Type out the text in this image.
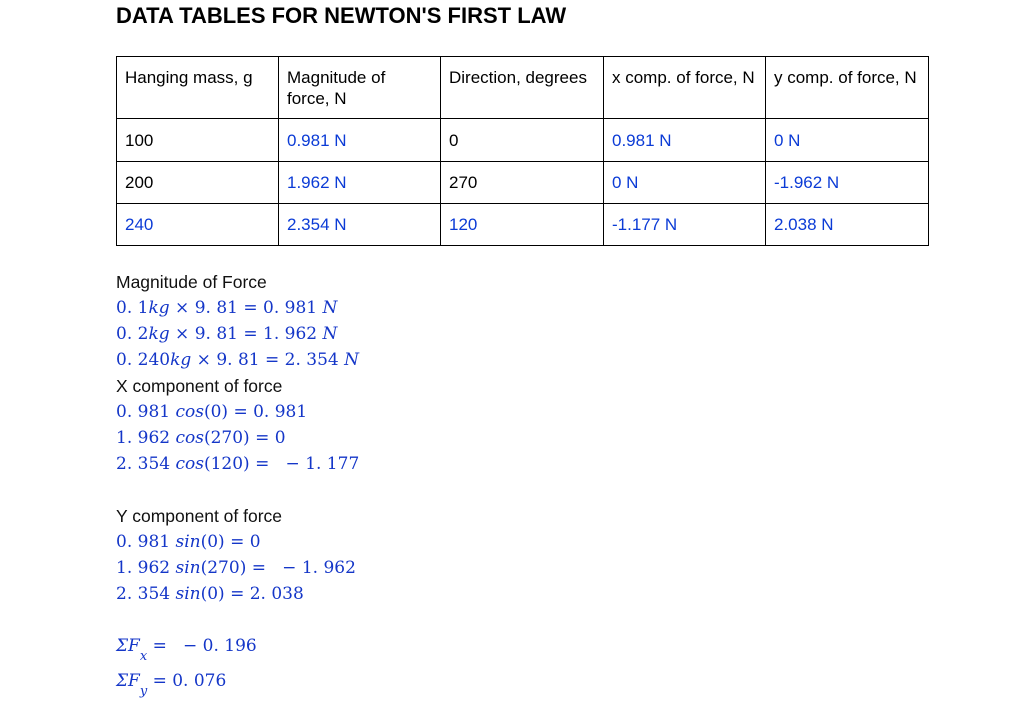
DATA TABLES FOR NEWTON'S FIRST LAW
Hanging mass, g	Magnitude of force, N	Direction, degrees	x comp. of force, N	y comp. of force, N
100	0.981 N	0	0.981 N	0 N
200	1.962 N	270	0 N	-1.962 N
240	2.354 N	120	-1.177 N	2.038 N
Magnitude of Force
0. 1kg × 9. 81 = 0. 981 N
0. 2kg × 9. 81 = 1. 962 N
0. 240kg × 9. 81 = 2. 354 N
X component of force
0. 981 cos(0) = 0. 981
1. 962 cos(270) = 0
2. 354 cos(120) =   − 1. 177
Y component of force
0. 981 sin(0) = 0
1. 962 sin(270) =   − 1. 962
2. 354 sin(0) = 2. 038
$\Sigma F_x$ =   − 0. 196
$\Sigma F_y = 0$. 076
